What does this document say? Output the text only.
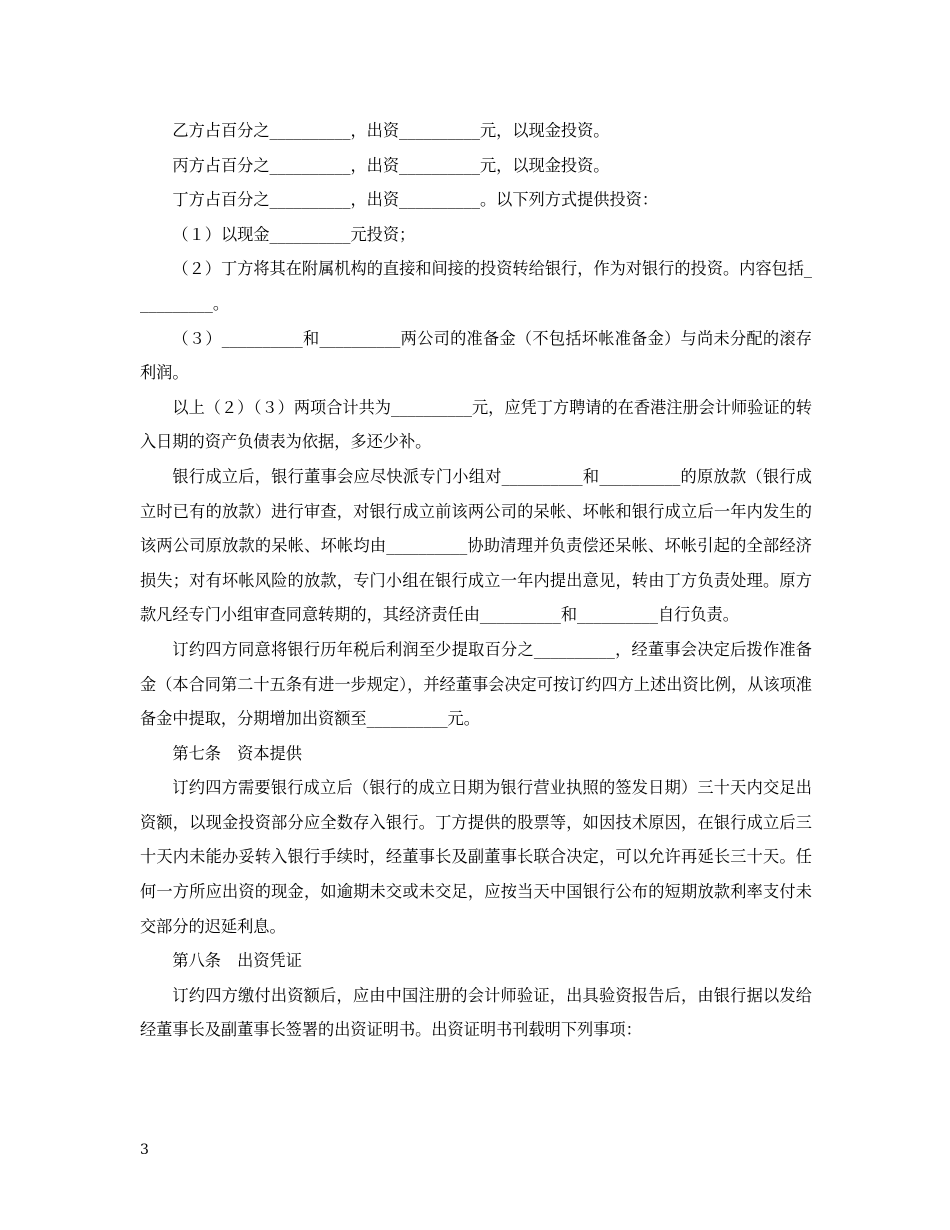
乙方占百分之__________，出资__________元，以现金投资。

丙方占百分之__________，出资__________元，以现金投资。

丁方占百分之__________，出资__________。以下列方式提供投资：

（１）以现金__________元投资；

（２）丁方将其在附属机构的直接和间接的投资转给银行，作为对银行的投资。内容包括__________。

（３）__________和__________两公司的准备金（不包括坏帐准备金）与尚未分配的滚存利润。

以上（２）（３）两项合计共为__________元，应凭丁方聘请的在香港注册会计师验证的转入日期的资产负债表为依据，多还少补。

银行成立后，银行董事会应尽快派专门小组对__________和__________的原放款（银行成立时已有的放款）进行审查，对银行成立前该两公司的呆帐、坏帐和银行成立后一年内发生的该两公司原放款的呆帐、坏帐均由__________协助清理并负责偿还呆帐、坏帐引起的全部经济损失；对有坏帐风险的放款，专门小组在银行成立一年内提出意见，转由丁方负责处理。原方款凡经专门小组审查同意转期的，其经济责任由__________和__________自行负责。

订约四方同意将银行历年税后利润至少提取百分之__________，经董事会决定后拨作准备金（本合同第二十五条有进一步规定），并经董事会决定可按订约四方上述出资比例，从该项准备金中提取，分期增加出资额至__________元。

第七条　资本提供

订约四方需要银行成立后（银行的成立日期为银行营业执照的签发日期）三十天内交足出资额，以现金投资部分应全数存入银行。丁方提供的股票等，如因技术原因，在银行成立后三十天内未能办妥转入银行手续时，经董事长及副董事长联合决定，可以允许再延长三十天。任何一方所应出资的现金，如逾期未交或未交足，应按当天中国银行公布的短期放款利率支付未交部分的迟延利息。

第八条　出资凭证

订约四方缴付出资额后，应由中国注册的会计师验证，出具验资报告后，由银行据以发给经董事长及副董事长签署的出资证明书。出资证明书刊载明下列事项：

3
